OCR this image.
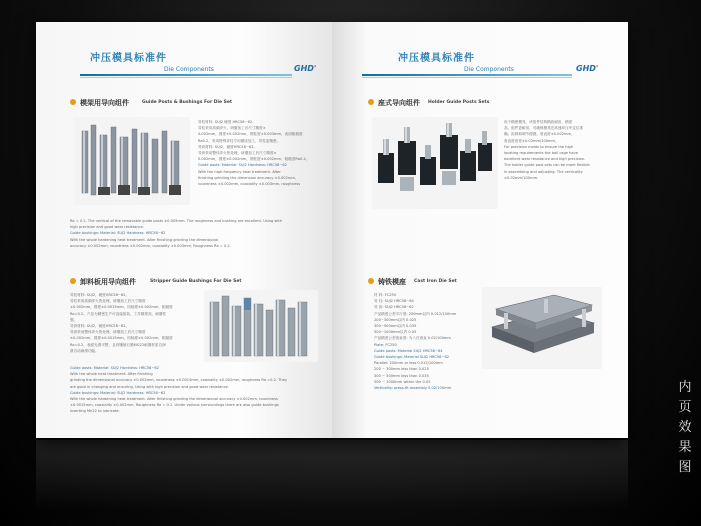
冲压模具标准件
Die Components	GHD'
模架用导向组件	Guide Posts & Bushings For Die Set

导柱材料: SUJ2 硬度 HRC58~62.

导柱采用高频淬火，研磨加工后尺寸精度±

0.002mm，圆度±0.002mm，圆柱度±0.003mm，表面粗糙度

Ra0.2。采用特殊导柱专用磨床加工，导柱更精密。

导套材料: SUJ2，硬度HRC58~62。

导套采用整体淬火热处理，研磨加工后尺寸精度±

0.002mm，圆度±0.002mm，圆柱度±0.002mm，粗糙度Ra0.2。

Guide posts: Material: SUJ2 Hardness: HRC58~62

With the high-frequency heat treatment. After

finishing grinding the dimension accuracy ±0.002mm,

roundness ±0.002mm, coaxiality ±0.003mm, roughness

Ra = 0.2. The vertical of the removable guide posts ±0.005mm. The roughness and bushing are excellent. Using with

high precision and good wear resistance.

Guide bushings: Material: SUJ2 Hardness: HRC58~62

With the whole hardening heat treatment. After finishing grinding the dimensional

accuracy ±0.002mm, roundness ±0.002mm, coaxiality ±0.003mm, Roughness Ra = 0.2.

卸料板用导向组件	Stripper Guide Bushings For Die Set

导柱材料: SUJ2，硬度HRC58~62。

导柱采用高频淬火热处理，研磨加工后尺寸精度

±0.002mm，圆度±0.0015mm，同轴度±0.002mm，粗糙度

Ra=0.2。产品为精密生产可直接组装，工作精度高，耐磨性

强。

导套材料: SUJ2，硬度HRC58~62。

导套采用整体淬火热处理，研磨加工后尺寸精度

±0.002mm，圆度±0.0015mm，同轴度±0.002mm，粗糙度

Ra=0.2，表面光滑平整，且有镶嵌石墨MG22耐磨材质自润

滑自动润滑功能。

Guide posts: Material: SUJ2 Hardness: HRC58~62

With the whole heat treatment. After finishing

grinding the dimensional accuracy ±0.002mm, roundness ±0.0015mm, coaxiality ±0.002mm, roughness Ra =0.2. They

are good in changing and ensuring, Using with high precision and good wear resistance.

Guide bushings: Material: SUJ2 Hardness: HRC58~62

With the whole hardening heat treatment. After finishing grinding the dimensional accuracy ±0.002mm, roundness

±0.0015mm, coaxiality ±0.002mm, Roughness Ra = 0.1. Under various surroundings there are also guide bushings

inserting Mn22 to lubricate.

冲压模具标准件
Die Components	GHD'
座式导向组件 Holder Guide Posts Sets

用于精密模具，该组件结构精致耐用，精度

高，组件更耐用，可确保模具在高速冲压中定位准

确。拆卸和调节便捷。垂直度±0.002mm，

垂直度误差±0.02mm/100mm。

For precision molds to ensure the high

locating requirements the ball cage have

excellent wear resistance and high precision.

The holder guide post sets can be more flexible

in assembling and adjusting. The verticality

±0.02mm/100mm.

铸铁模座 Cast Iron Die Set

材 料: FC250

导 柱: SUJ2 HRC58~64

导 套: SUJ2 HRC58~62

产品精度公差平行度: 200mm以内 0.012/100mm

200~300mm以内 0.025

300~500mm以内 0.035

500~1000mm以内 0.05

产品精度公差垂直度: 为八在垂直 0.02/100mm

Plate: FC250

Guide posts: Material SUJ2 HRC58~64

Guide bushings: Material SUJ2 HRC58~62

Parallel: 200mm or less 0.012/100mm

200 ~ 300mm less than 0.025

300 ~ 500mm less than 0.035

500 ~ 1000mm within the 0.05

Verticality: press-fit assembly 0.02/100mm	内
页
效
果
图
